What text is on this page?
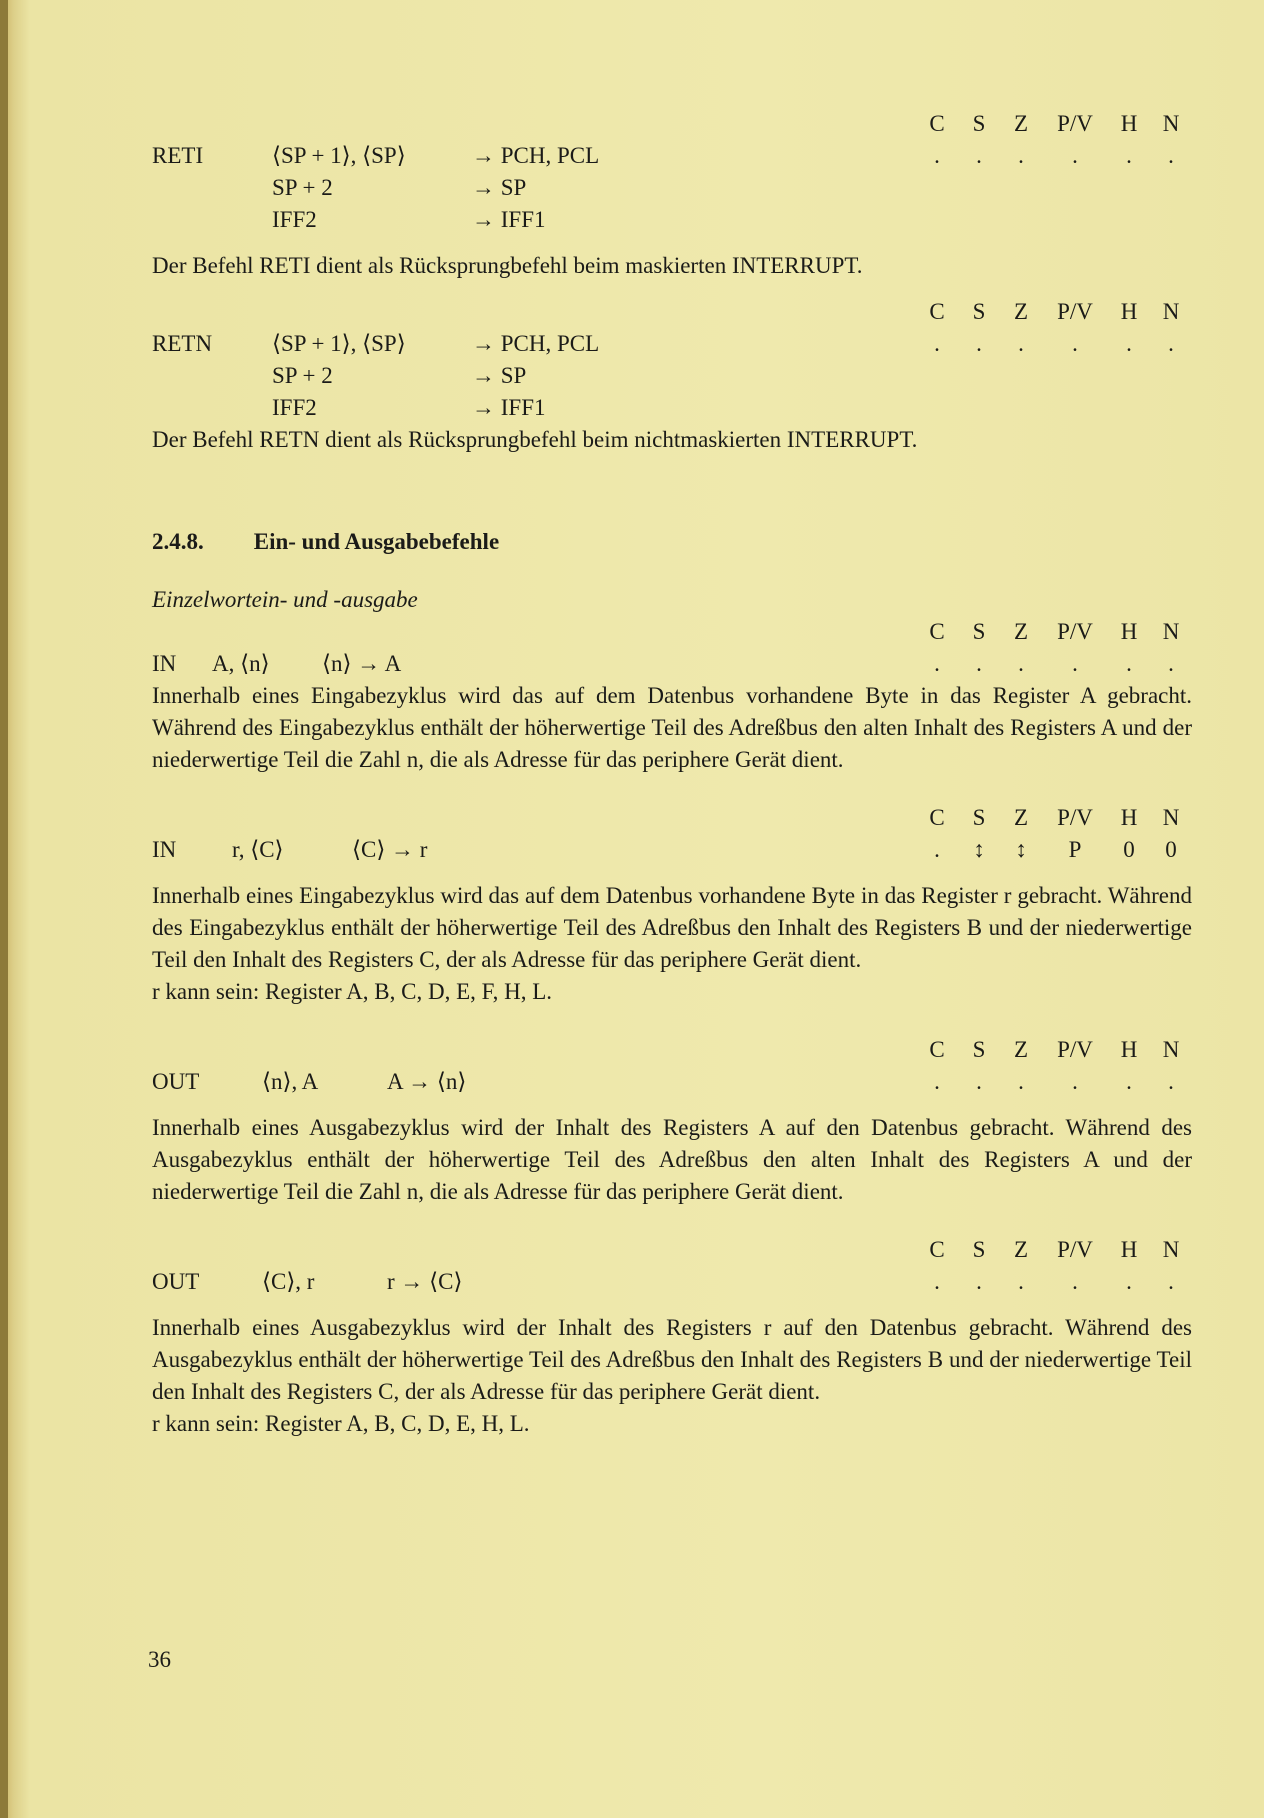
C	S	Z	P/V	H	N
.	.	.	.	.	.
RETI	⟨SP + 1⟩, ⟨SP⟩	→ PCH, PCL
SP + 2	→ SP
IFF2	→ IFF1

Der Befehl RETI dient als Rücksprungbefehl beim maskierten INTERRUPT.

C	S	Z	P/V	H	N
.	.	.	.	.	.
RETN	⟨SP + 1⟩, ⟨SP⟩	→ PCH, PCL
SP + 2	→ SP
IFF2	→ IFF1

Der Befehl RETN dient als Rücksprungbefehl beim nichtmaskierten INTERRUPT.

2.4.8. Ein- und Ausgabebefehle
Einzelwortein- und -ausgabe
C	S	Z	P/V	H	N
.	.	.	.	.	.
IN	A, ⟨n⟩	⟨n⟩ → A

Innerhalb eines Eingabezyklus wird das auf dem Datenbus vorhandene Byte in das Register A gebracht. Während des Eingabezyklus enthält der höherwertige Teil des Adreßbus den alten Inhalt des Registers A und der niederwertige Teil die Zahl n, die als Adresse für das periphere Gerät dient.

C	S	Z	P/V	H	N
.	↕	↕	P	0	0
IN	r, ⟨C⟩	⟨C⟩ → r

Innerhalb eines Eingabezyklus wird das auf dem Datenbus vorhandene Byte in das Register r gebracht. Während des Eingabezyklus enthält der höherwertige Teil des Adreßbus den Inhalt des Registers B und der niederwertige Teil den Inhalt des Registers C, der als Adresse für das periphere Gerät dient.

r kann sein: Register A, B, C, D, E, F, H, L.
C	S	Z	P/V	H	N
.	.	.	.	.	.
OUT	⟨n⟩, A	A → ⟨n⟩

Innerhalb eines Ausgabezyklus wird der Inhalt des Registers A auf den Datenbus gebracht. Während des Ausgabezyklus enthält der höherwertige Teil des Adreßbus den alten Inhalt des Registers A und der niederwertige Teil die Zahl n, die als Adresse für das periphere Gerät dient.

C	S	Z	P/V	H	N
.	.	.	.	.	.
OUT	⟨C⟩, r	r → ⟨C⟩

Innerhalb eines Ausgabezyklus wird der Inhalt des Registers r auf den Datenbus gebracht. Während des Ausgabezyklus enthält der höherwertige Teil des Adreßbus den Inhalt des Registers B und der niederwertige Teil den Inhalt des Registers C, der als Adresse für das periphere Gerät dient.

r kann sein: Register A, B, C, D, E, H, L.
36
